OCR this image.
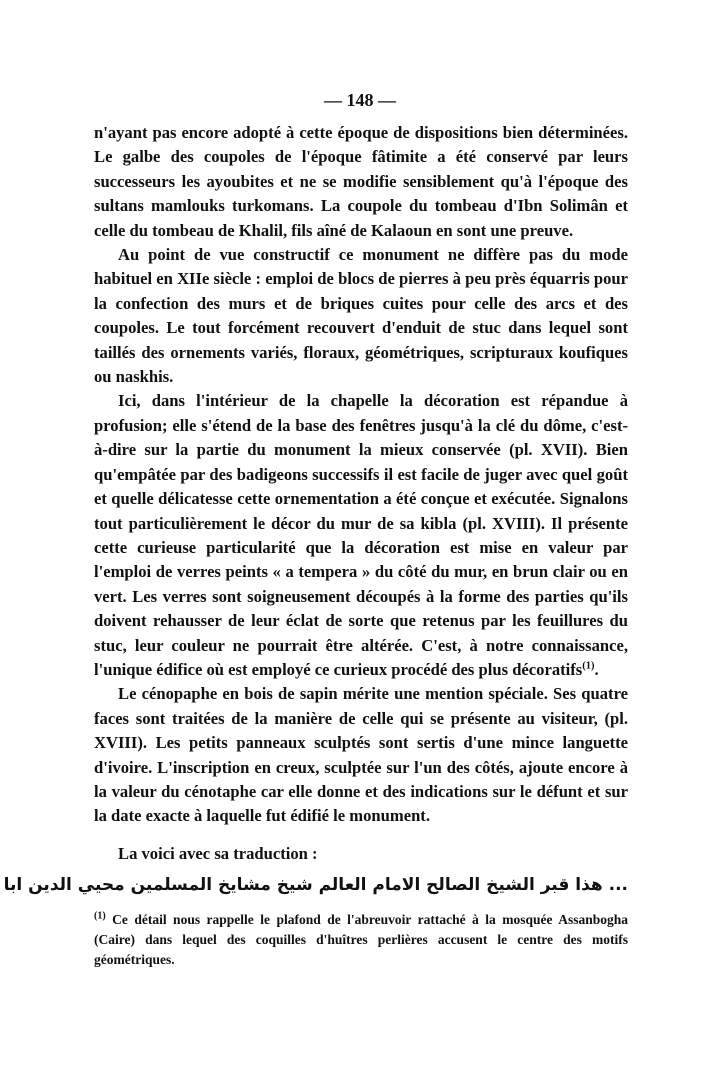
— 148 —

n'ayant pas encore adopté à cette époque de dispositions bien déterminées. Le galbe des coupoles de l'époque fâtimite a été conservé par leurs successeurs les ayoubites et ne se modifie sensiblement qu'à l'époque des sultans mamlouks turkomans. La coupole du tombeau d'Ibn Solimân et celle du tombeau de Khalil, fils aîné de Kalaoun en sont une preuve.

Au point de vue constructif ce monument ne diffère pas du mode habituel en XIIe siècle : emploi de blocs de pierres à peu près équarris pour la confection des murs et de briques cuites pour celle des arcs et des coupoles. Le tout forcément recouvert d'enduit de stuc dans lequel sont taillés des ornements variés, floraux, géométriques, scripturaux koufiques ou naskhis.

Ici, dans l'intérieur de la chapelle la décoration est répandue à profusion; elle s'étend de la base des fenêtres jusqu'à la clé du dôme, c'est-à-dire sur la partie du monument la mieux conservée (pl. XVII). Bien qu'empâtée par des badigeons successifs il est facile de juger avec quel goût et quelle délicatesse cette ornementation a été conçue et exécutée. Signalons tout particulièrement le décor du mur de sa kibla (pl. XVIII). Il présente cette curieuse particularité que la décoration est mise en valeur par l'emploi de verres peints « a tempera » du côté du mur, en brun clair ou en vert. Les verres sont soigneusement découpés à la forme des parties qu'ils doivent rehausser de leur éclat de sorte que retenus par les feuillures du stuc, leur couleur ne pourrait être altérée. C'est, à notre connaissance, l'unique édifice où est employé ce curieux procédé des plus décoratifs$^{(1)}$.

Le cénopaphe en bois de sapin mérite une mention spéciale. Ses quatre faces sont traitées de la manière de celle qui se présente au visiteur, (pl. XVIII). Les petits panneaux sculptés sont sertis d'une mince languette d'ivoire. L'inscription en creux, sculptée sur l'un des côtés, ajoute encore à la valeur du cénotaphe car elle donne et des indications sur le défunt et sur la date exacte à laquelle fut édifié le monument.

La voici avec sa traduction :

... هذا قبر الشيخ الصالح الامام العالم شيخ مشايخ المسلمين محيي الدين ابا
$^{(1)}$ Ce détail nous rappelle le plafond de l'abreuvoir rattaché à la mosquée Assanbogha (Caire) dans lequel des coquilles d'huîtres perlières accusent le centre des motifs géométriques.
